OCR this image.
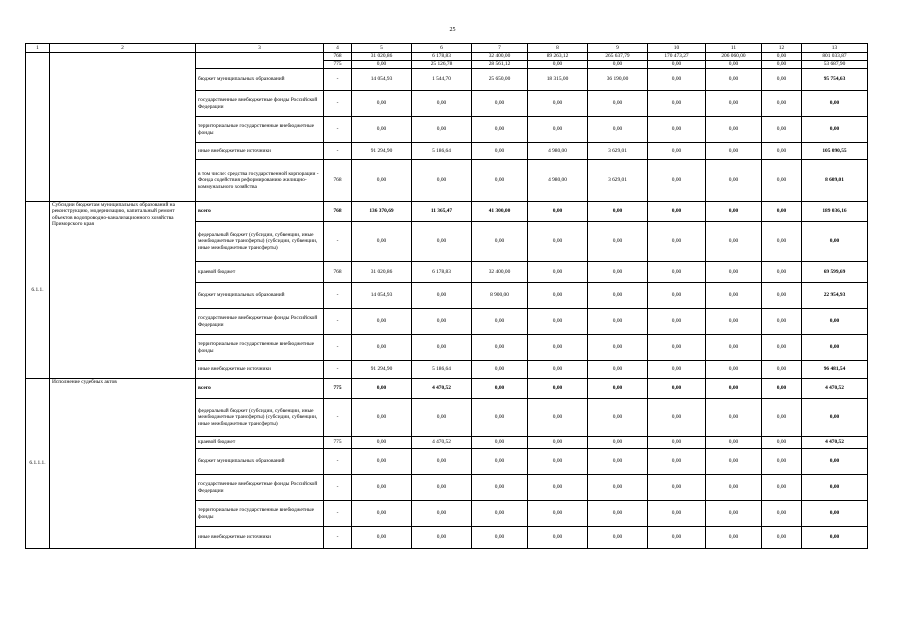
25
1	2	3	4	5	6	7	8	9	10	11	12	13
			768	31 020,86	6 178,83	32 400,00	89 263,12	265 637,79	170 473,27	206 060,00	0,00	801 033,87
			775	0,00	25 126,78	28 561,12	0,00	0,00	0,00	0,00	0,00	53 687,90
		бюджет муниципальных образований	-	14 054,93	1 544,70	25 650,00	18 315,00	36 190,00	0,00	0,00	0,00	95 754,63
		государственные внебюджетные фонды Российской Федерации	-	0,00	0,00	0,00	0,00	0,00	0,00	0,00	0,00	0,00
		территориальные государственные внебюджетные фонды	-	0,00	0,00	0,00	0,00	0,00	0,00	0,00	0,00	0,00
		иные внебюджетные источники	-	91 294,90	5 186,64	0,00	4 980,00	3 629,01	0,00	0,00	0,00	105 090,55
		в том числе: средства государственной корпорации - Фонда содействия реформированию жилищно-коммунального хозяйства	768	0,00	0,00	0,00	4 980,00	3 629,01	0,00	0,00	0,00	8 609,01
6.1.1.	Субсидии бюджетам муниципальных образований на реконструкцию, модернизацию, капитальный ремонт объектов водопроводно-канализационного хозяйства Приморского края	всего	768	136 370,69	11 365,47	41 300,00	0,00	0,00	0,00	0,00	0,00	189 036,16
		федеральный бюджет (субсидии, субвенции, иные межбюджетные трансферты) (субсидии, субвенции, иные межбюджетные трансферты)	-	0,00	0,00	0,00	0,00	0,00	0,00	0,00	0,00	0,00
		краевой бюджет	768	31 020,86	6 178,83	32 400,00	0,00	0,00	0,00	0,00	0,00	69 599,69
		бюджет муниципальных образований	-	14 054,93	0,00	8 900,00	0,00	0,00	0,00	0,00	0,00	22 954,93
		государственные внебюджетные фонды Российской Федерации	-	0,00	0,00	0,00	0,00	0,00	0,00	0,00	0,00	0,00
		территориальные государственные внебюджетные фонды	-	0,00	0,00	0,00	0,00	0,00	0,00	0,00	0,00	0,00
		иные внебюджетные источники	-	91 294,90	5 186,64	0,00	0,00	0,00	0,00	0,00	0,00	96 481,54
6.1.1.1.	Исполнение судебных актов	всего	775	0,00	4 470,52	0,00	0,00	0,00	0,00	0,00	0,00	4 470,52
		федеральный бюджет (субсидии, субвенции, иные межбюджетные трансферты) (субсидии, субвенции, иные межбюджетные трансферты)	-	0,00	0,00	0,00	0,00	0,00	0,00	0,00	0,00	0,00
		краевой бюджет	775	0,00	4 470,52	0,00	0,00	0,00	0,00	0,00	0,00	4 470,52
		бюджет муниципальных образований	-	0,00	0,00	0,00	0,00	0,00	0,00	0,00	0,00	0,00
		государственные внебюджетные фонды Российской Федерации	-	0,00	0,00	0,00	0,00	0,00	0,00	0,00	0,00	0,00
		территориальные государственные внебюджетные фонды	-	0,00	0,00	0,00	0,00	0,00	0,00	0,00	0,00	0,00
		иные внебюджетные источники	-	0,00	0,00	0,00	0,00	0,00	0,00	0,00	0,00	0,00
